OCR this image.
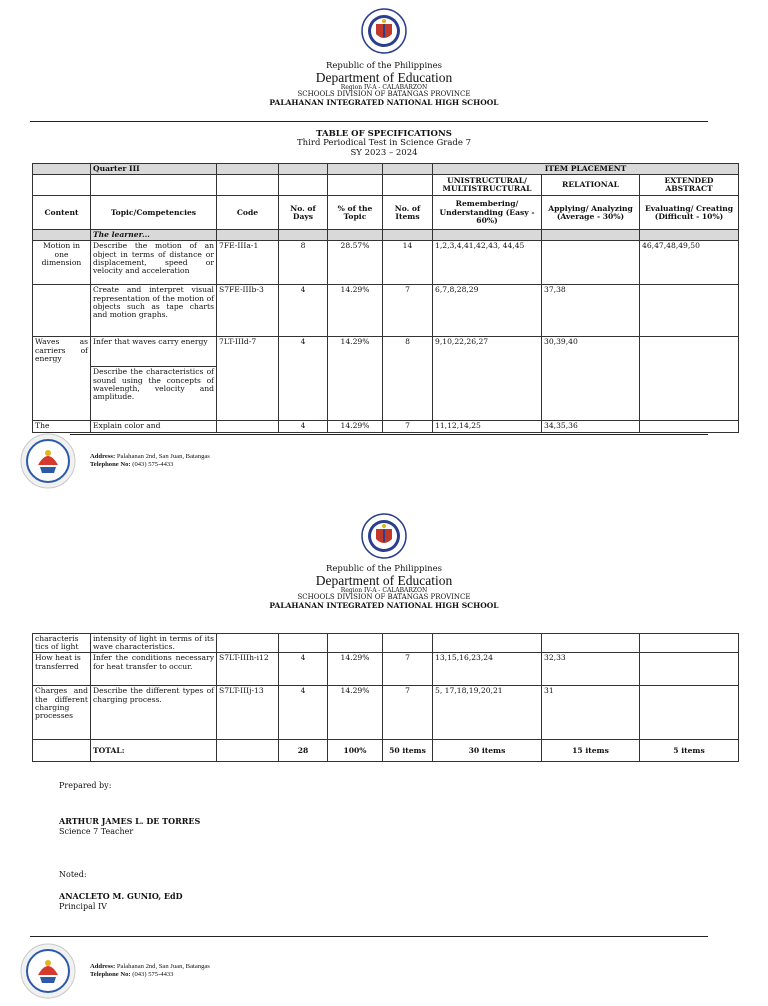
Republic of the Philippines
Department of Education
Region IV-A - CALABARZON
SCHOOLS DIVISION OF BATANGAS PROVINCE
PALAHANAN INTEGRATED NATIONAL HIGH SCHOOL
TABLE OF SPECIFICATIONS
Third Periodical Test in Science Grade 7
SY 2023 – 2024
	Quarter III					ITEM PLACEMENT		
						UNISTRUCTURAL/ MULTISTRUCTURAL	RELATIONAL	EXTENDED ABSTRACT
Content	Topic/Competencies	Code	No. of Days	% of the Topic	No. of Items	Remembering/ Understanding (Easy - 60%)	Applying/ Analyzing (Average - 30%)	Evaluating/ Creating (Difficult - 10%)
	The learner...							
Motion in one dimension	Describe the motion of an object in terms of distance or displacement, speed or velocity and acceleration	7FE-IIIa-1	8	28.57%	14	1,2,3,4,41,42,43, 44,45		46,47,48,49,50
	Create and interpret visual representation of the motion of objects such as tape charts and motion graphs.	S7FE-IIIb-3	4	14.29%	7	6,7,8,28,29	37,38	
Waves as carriers of energy	Infer that waves carry energy	7LT-IIId-7	4	14.29%	8	9,10,22,26,27	30,39,40	
	Describe the characteristics of sound using the concepts of wavelength, velocity and amplitude.							
The	Explain color and		4	14.29%	7	11,12,14,25	34,35,36	
Address: Palahanan 2nd, San Juan, Batangas
Telephone No: (043) 575-4433
Republic of the Philippines
Department of Education
Region IV-A - CALABARZON
SCHOOLS DIVISION OF BATANGAS PROVINCE
PALAHANAN INTEGRATED NATIONAL HIGH SCHOOL
characteris tics of light	intensity of light in terms of its wave characteristics.							
How heat is transferred	Infer the conditions necessary for heat transfer to occur.	S7LT-IIIh-i12	4	14.29%	7	13,15,16,23,24	32,33	
Charges and the different charging processes	Describe the different types of charging process.	S7LT-IIIj-13	4	14.29%	7	5, 17,18,19,20,21	31	
	TOTAL:		28	100%	50 items	30 items	15 items	5 items
Prepared by:
ARTHUR JAMES L. DE TORRES
Science 7 Teacher
Noted:
ANACLETO M. GUNIO, EdD
Principal IV
Address: Palahanan 2nd, San Juan, Batangas
Telephone No: (043) 575-4433
